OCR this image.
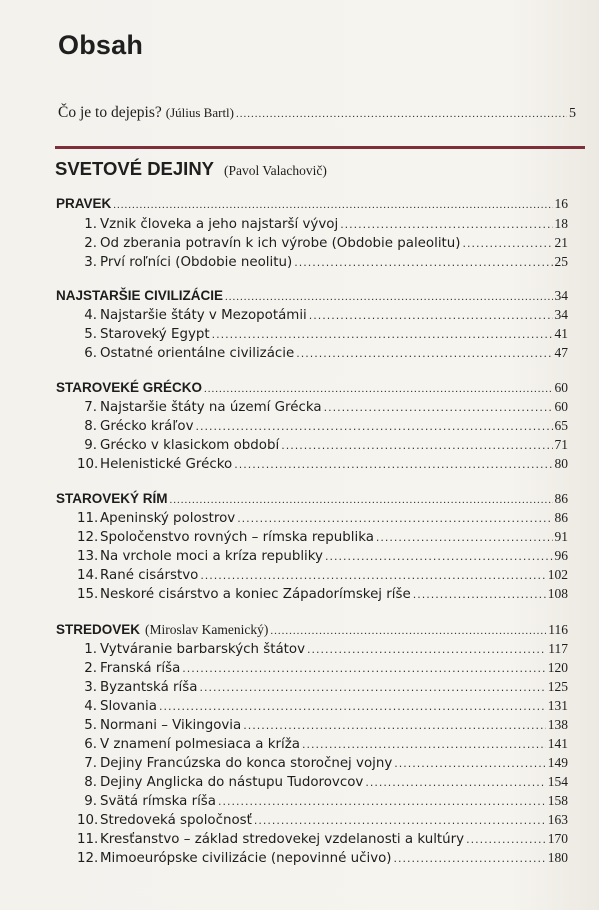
Obsah
Čo je to dejepis? (Július Bartl) .....	5
SVETOVÉ DEJINY (Pavol Valachovič)
PRAVEK .....	16
1. Vznik človeka a jeho najstarší vývoj .....	18
2. Od zberania potravín k ich výrobe (Obdobie paleolitu) .....	21
3. Prví roľníci (Obdobie neolitu) .....	25
NAJSTARŠIE CIVILIZÁCIE .....	34
4. Najstaršie štáty v Mezopotámii .....	34
5. Staroveký Egypt .....	41
6. Ostatné orientálne civilizácie .....	47
STAROVEKÉ GRÉCKO .....	60
7. Najstaršie štáty na území Grécka .....	60
8. Grécko kráľov .....	65
9. Grécko v klasickom období .....	71
10. Helenistické Grécko .....	80
STAROVEKÝ RÍM .....	86
11. Apeninský polostrov .....	86
12. Spoločenstvo rovných – rímska republika .....	91
13. Na vrchole moci a kríza republiky .....	96
14. Rané cisárstvo .....	102
15. Neskoré cisárstvo a koniec Západorímskej ríše .....	108
STREDOVEK (Miroslav Kamenický) .....	116
1. Vytváranie barbarských štátov .....	117
2. Franská ríša .....	120
3. Byzantská ríša .....	125
4. Slovania .....	131
5. Normani – Vikingovia .....	138
6. V znamení polmesiaca a kríža .....	141
7. Dejiny Francúzska do konca storočnej vojny .....	149
8. Dejiny Anglicka do nástupu Tudorovcov .....	154
9. Svätá rímska ríša .....	158
10. Stredoveká spoločnosť .....	163
11. Kresťanstvo – základ stredovekej vzdelanosti a kultúry .....	170
12. Mimoeurópske civilizácie (nepovinné učivo) .....	180
